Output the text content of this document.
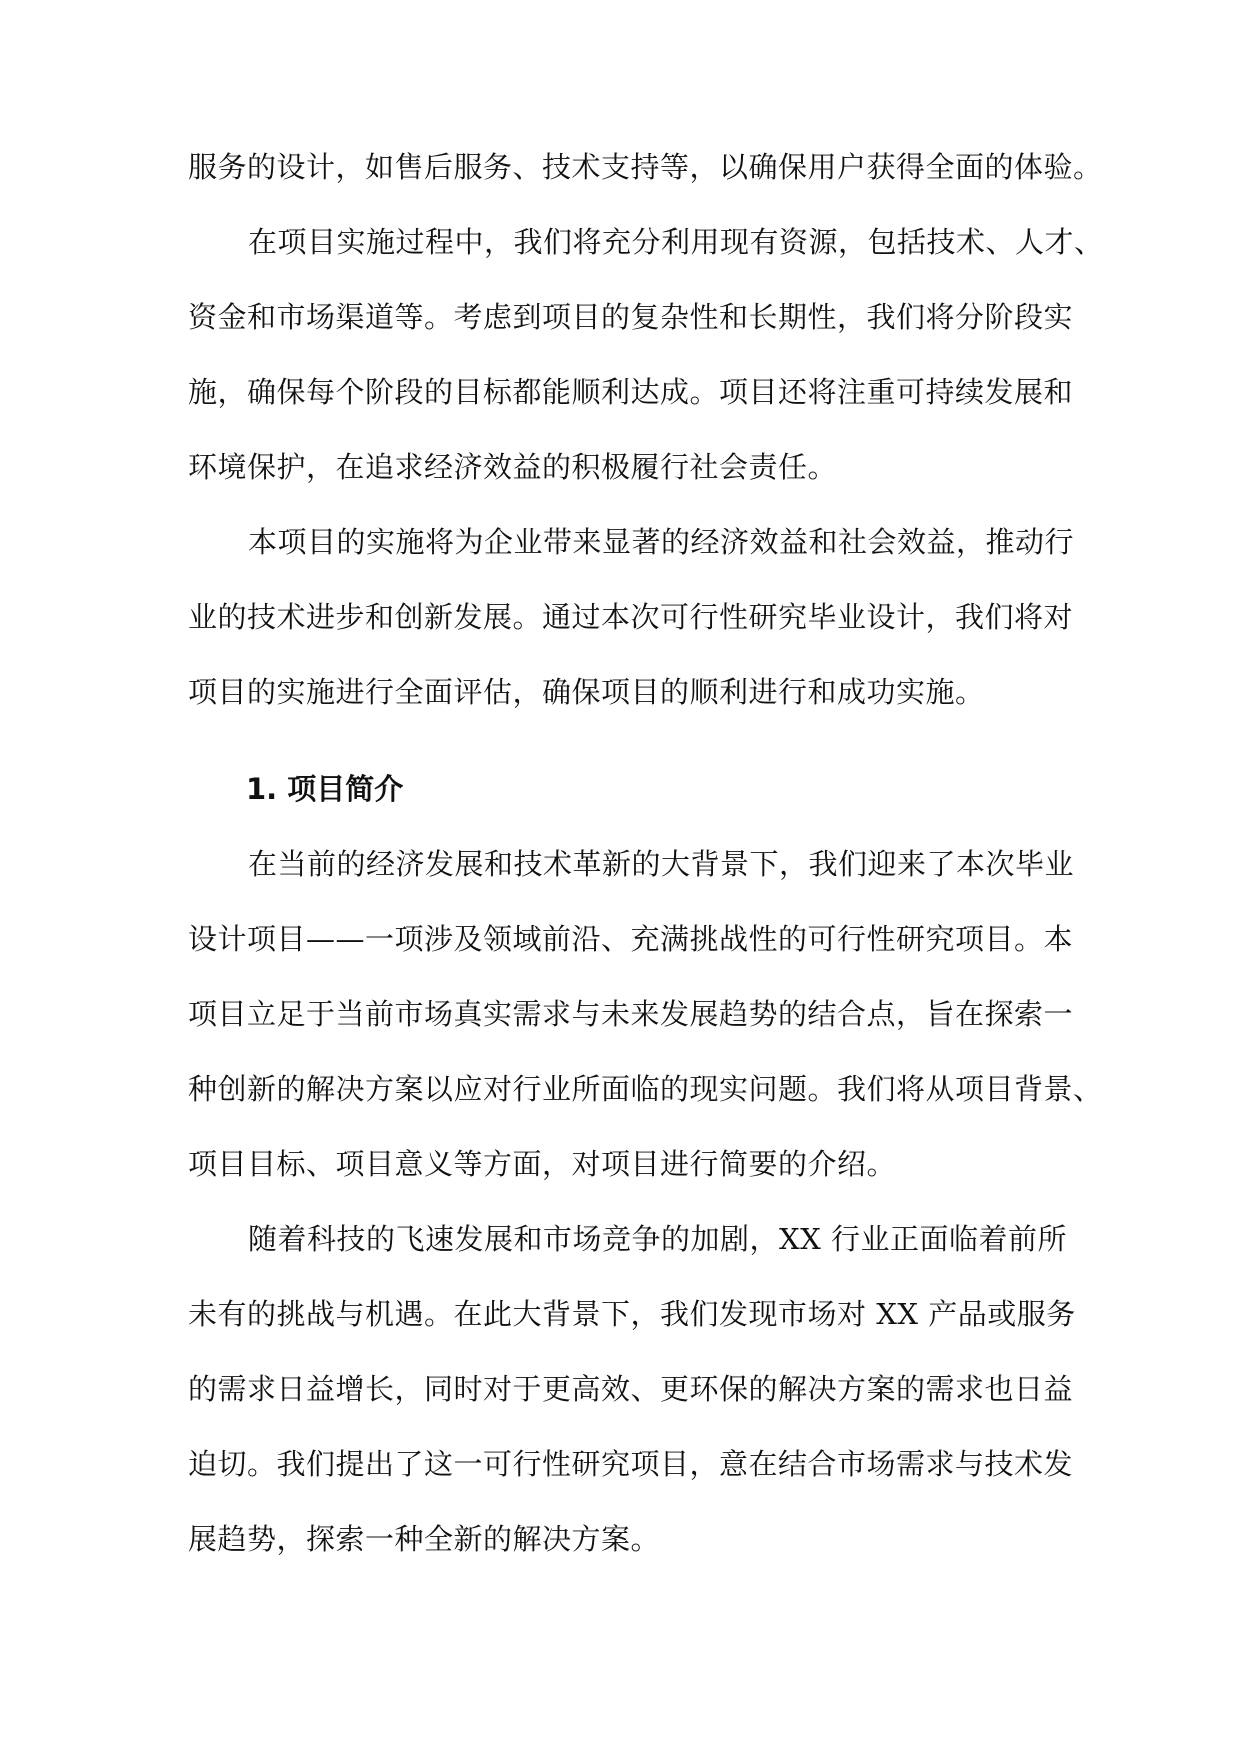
服务的设计，如售后服务、技术支持等，以确保用户获得全面的体验。
在项目实施过程中，我们将充分利用现有资源，包括技术、人才、
资金和市场渠道等。考虑到项目的复杂性和长期性，我们将分阶段实
施，确保每个阶段的目标都能顺利达成。项目还将注重可持续发展和
环境保护，在追求经济效益的积极履行社会责任。
本项目的实施将为企业带来显著的经济效益和社会效益，推动行
业的技术进步和创新发展。通过本次可行性研究毕业设计，我们将对
项目的实施进行全面评估，确保项目的顺利进行和成功实施。
1. 项目简介
在当前的经济发展和技术革新的大背景下，我们迎来了本次毕业
设计项目——一项涉及领域前沿、充满挑战性的可行性研究项目。本
项目立足于当前市场真实需求与未来发展趋势的结合点，旨在探索一
种创新的解决方案以应对行业所面临的现实问题。我们将从项目背景、
项目目标、项目意义等方面，对项目进行简要的介绍。
随着科技的飞速发展和市场竞争的加剧，XX 行业正面临着前所
未有的挑战与机遇。在此大背景下，我们发现市场对 XX 产品或服务
的需求日益增长，同时对于更高效、更环保的解决方案的需求也日益
迫切。我们提出了这一可行性研究项目，意在结合市场需求与技术发
展趋势，探索一种全新的解决方案。
